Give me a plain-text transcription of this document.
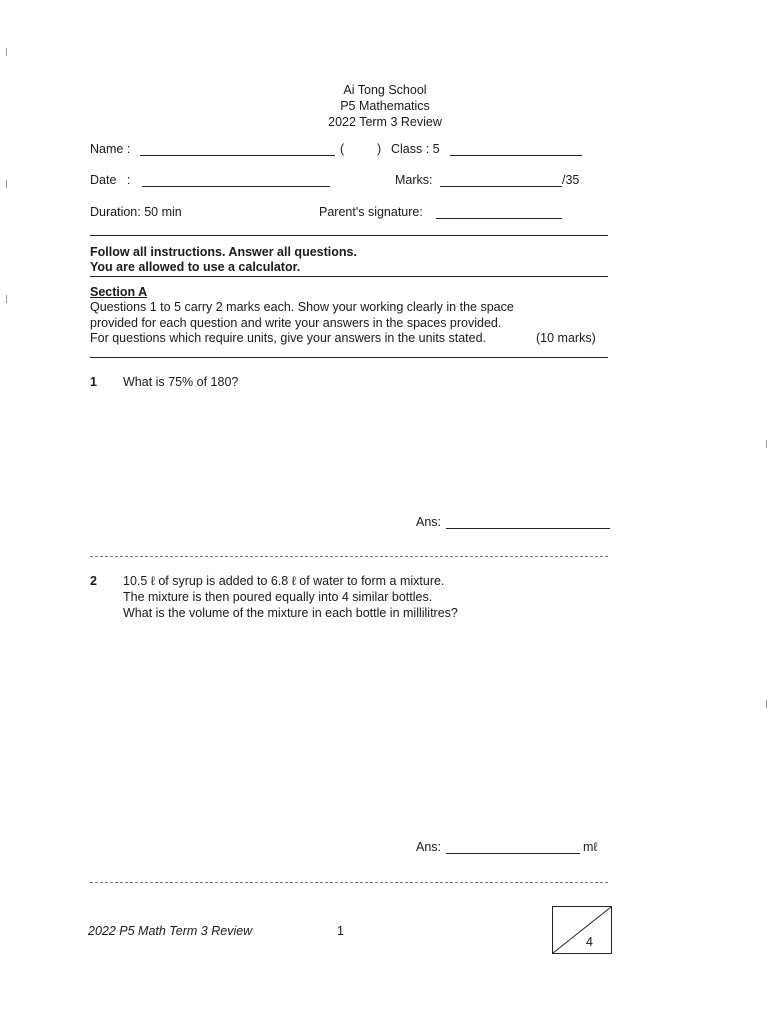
Ai Tong School
P5 Mathematics
2022 Term 3 Review
Name :	(	) Class : 5
Date   :	Marks:	/35
Duration: 50 min	Parent's signature:
Follow all instructions. Answer all questions.
You are allowed to use a calculator.
Section A
Questions 1 to 5 carry 2 marks each. Show your working clearly in the space
provided for each question and write your answers in the spaces provided.
For questions which require units, give your answers in the units stated.	(10 marks)
1 What is 75% of 180?
Ans:
2 10.5 ℓ of syrup is added to 6.8 ℓ of water to form a mixture.
The mixture is then poured equally into 4 similar bottles.
What is the volume of the mixture in each bottle in millilitres?
Ans:	mℓ
2022 P5 Math Term 3 Review	1
4
